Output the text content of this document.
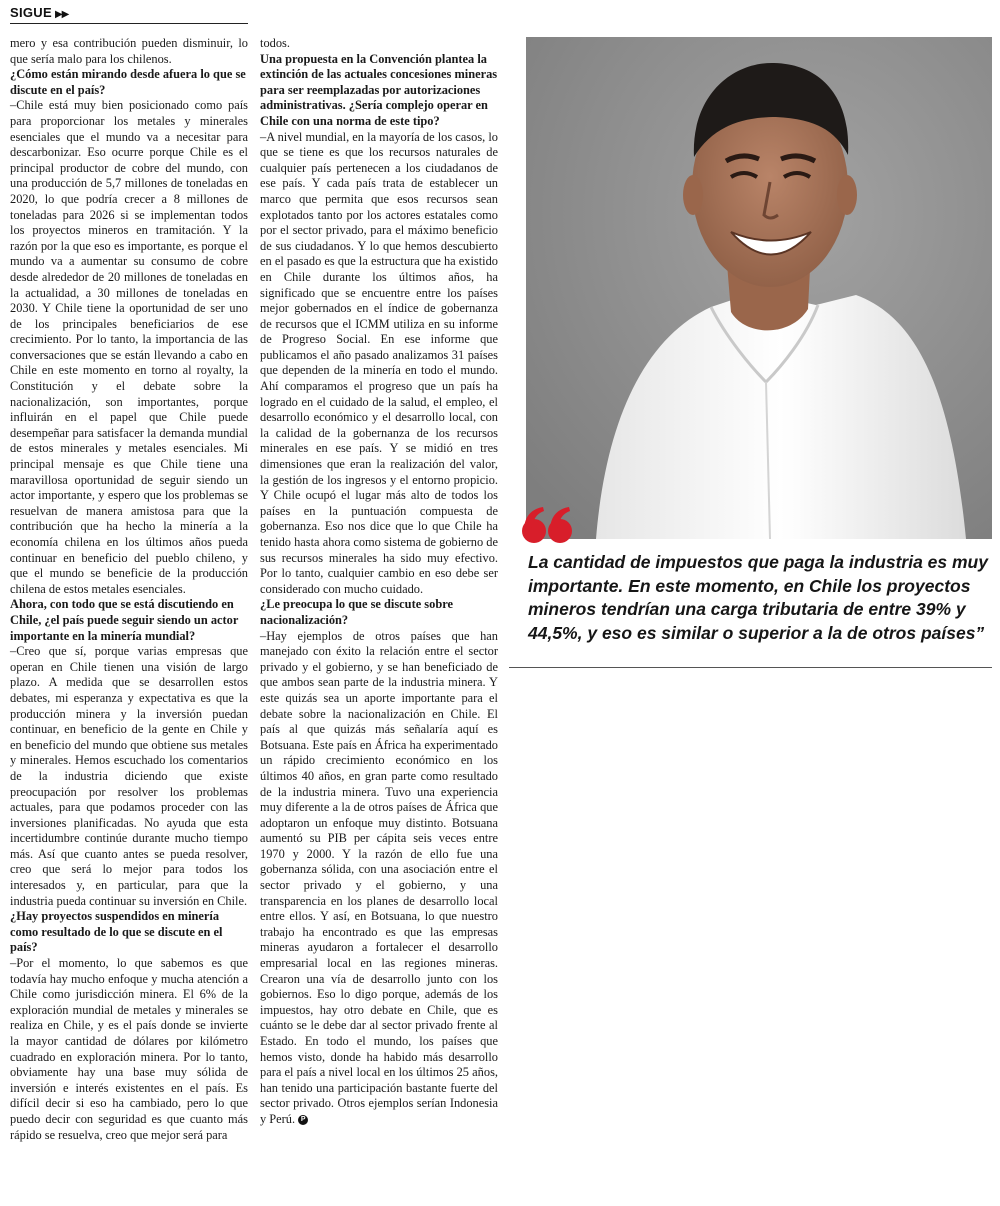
SIGUE ▶▶

mero y esa contribución pueden disminuir, lo que sería malo para los chilenos.

¿Cómo están mirando desde afuera lo que se discute en el país?

–Chile está muy bien posicionado como país para proporcionar los metales y minerales esenciales que el mundo va a necesitar para descarbonizar. Eso ocurre porque Chile es el principal productor de cobre del mundo, con una producción de 5,7 millones de toneladas en 2020, lo que podría crecer a 8 millones de toneladas para 2026 si se implementan todos los proyectos mineros en tramitación. Y la razón por la que eso es importante, es porque el mundo va a aumentar su consumo de cobre desde alrededor de 20 millones de toneladas en la actualidad, a 30 millones de toneladas en 2030. Y Chile tiene la oportunidad de ser uno de los principales beneficiarios de ese crecimiento. Por lo tanto, la importancia de las conversaciones que se están llevando a cabo en Chile en este momento en torno al royalty, la Constitución y el debate sobre la nacionalización, son importantes, porque influirán en el papel que Chile puede desempeñar para satisfacer la demanda mundial de estos minerales y metales esenciales. Mi principal mensaje es que Chile tiene una maravillosa oportunidad de seguir siendo un actor importante, y espero que los problemas se resuelvan de manera amistosa para que la contribución que ha hecho la minería a la economía chilena en los últimos años pueda continuar en beneficio del pueblo chileno, y que el mundo se beneficie de la producción chilena de estos metales esenciales.

Ahora, con todo que se está discutiendo en Chile, ¿el país puede seguir siendo un actor importante en la minería mundial?

–Creo que sí, porque varias empresas que operan en Chile tienen una visión de largo plazo. A medida que se desarrollen estos debates, mi esperanza y expectativa es que la producción minera y la inversión puedan continuar, en beneficio de la gente en Chile y en beneficio del mundo que obtiene sus metales y minerales. Hemos escuchado los comentarios de la industria diciendo que existe preocupación por resolver los problemas actuales, para que podamos proceder con las inversiones planificadas. No ayuda que esta incertidumbre continúe durante mucho tiempo más. Así que cuanto antes se pueda resolver, creo que será lo mejor para todos los interesados y, en particular, para que la industria pueda continuar su inversión en Chile.

¿Hay proyectos suspendidos en minería como resultado de lo que se discute en el país?

–Por el momento, lo que sabemos es que todavía hay mucho enfoque y mucha atención a Chile como jurisdicción minera. El 6% de la exploración mundial de metales y minerales se realiza en Chile, y es el país donde se invierte la mayor cantidad de dólares por kilómetro cuadrado en exploración minera. Por lo tanto, obviamente hay una base muy sólida de inversión e interés existentes en el país. Es difícil decir si eso ha cambiado, pero lo que puedo decir con seguridad es que cuanto más rápido se resuelva, creo que mejor será para

todos.

Una propuesta en la Convención plantea la extinción de las actuales concesiones mineras para ser reemplazadas por autorizaciones administrativas. ¿Sería complejo operar en Chile con una norma de este tipo?

–A nivel mundial, en la mayoría de los casos, lo que se tiene es que los recursos naturales de cualquier país pertenecen a los ciudadanos de ese país. Y cada país trata de establecer un marco que permita que esos recursos sean explotados tanto por los actores estatales como por el sector privado, para el máximo beneficio de sus ciudadanos. Y lo que hemos descubierto en el pasado es que la estructura que ha existido en Chile durante los últimos años, ha significado que se encuentre entre los países mejor gobernados en el índice de gobernanza de recursos que el ICMM utiliza en su informe de Progreso Social. En ese informe que publicamos el año pasado analizamos 31 países que dependen de la minería en todo el mundo. Ahí comparamos el progreso que un país ha logrado en el cuidado de la salud, el empleo, el desarrollo económico y el desarrollo local, con la calidad de la gobernanza de los recursos minerales en ese país. Y se midió en tres dimensiones que eran la realización del valor, la gestión de los ingresos y el entorno propicio. Y Chile ocupó el lugar más alto de todos los países en la puntuación compuesta de gobernanza. Eso nos dice que lo que Chile ha tenido hasta ahora como sistema de gobierno de sus recursos minerales ha sido muy efectivo. Por lo tanto, cualquier cambio en eso debe ser considerado con mucho cuidado.

¿Le preocupa lo que se discute sobre nacionalización?

–Hay ejemplos de otros países que han manejado con éxito la relación entre el sector privado y el gobierno, y se han beneficiado de que ambos sean parte de la industria minera. Y este quizás sea un aporte importante para el debate sobre la nacionalización en Chile. El país al que quizás más señalaría aquí es Botsuana. Este país en África ha experimentado un rápido crecimiento económico en los últimos 40 años, en gran parte como resultado de la industria minera. Tuvo una experiencia muy diferente a la de otros países de África que adoptaron un enfoque muy distinto. Botsuana aumentó su PIB per cápita seis veces entre 1970 y 2000. Y la razón de ello fue una gobernanza sólida, con una asociación entre el sector privado y el gobierno, y una transparencia en los planes de desarrollo local entre ellos. Y así, en Botsuana, lo que nuestro trabajo ha encontrado es que las empresas mineras ayudaron a fortalecer el desarrollo empresarial local en las regiones mineras. Crearon una vía de desarrollo junto con los gobiernos. Eso lo digo porque, además de los impuestos, hay otro debate en Chile, que es cuánto se le debe dar al sector privado frente al Estado. En todo el mundo, los países que hemos visto, donde ha habido más desarrollo para el país a nivel local en los últimos 25 años, han tenido una participación bastante fuerte del sector privado. Otros ejemplos serían Indonesia y Perú. P

La cantidad de impuestos que paga la industria es muy importante. En este momento, en Chile los proyectos mineros tendrían una carga tributaria de entre 39% y 44,5%, y eso es similar o superior a la de otros países”
